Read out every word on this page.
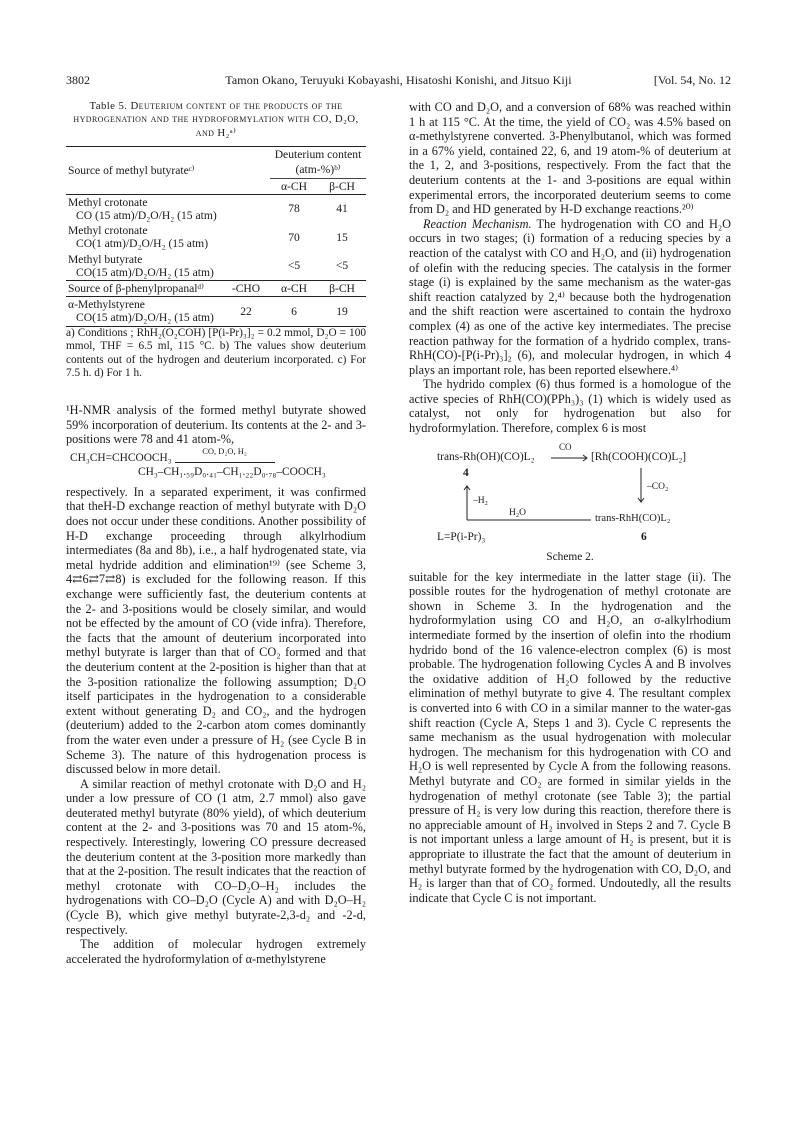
3802	Tamon Okano, Teruyuki Kobayashi, Hisatoshi Konishi, and Jitsuo Kiji	[Vol. 54, No. 12
Table 5. Deuterium content of the products of the hydrogenation and the hydroformylation with CO, D₂O, and H₂ᵃ⁾
Source of methyl butyrateᶜ⁾	Deuterium content	
	(atm-%)ᵇ⁾	
	α-CH	β-CH

Methyl crotonate
CO (15 atm)/D₂O/H₂ (15 atm)	78	41

Methyl crotonate
CO(1 atm)/D₂O/H₂ (15 atm)	70	15

Methyl butyrate
CO(15 atm)/D₂O/H₂ (15 atm)	<5	<5
Source of β-phenylpropanalᵈ⁾	-CHO	α-CH	β-CH

α-Methylstyrene
CO(15 atm)/D₂O/H₂ (15 atm)	22	6	19

a) Conditions ; RhH₂(O₂COH) [P(i-Pr)₃]₂ = 0.2 mmol, D₂O = 100 mmol, THF = 6.5 ml, 115 °C. b) The values show deuterium contents out of the hydrogen and deuterium incorporated. c) For 7.5 h. d) For 1 h.

¹H-NMR analysis of the formed methyl butyrate showed 59% incorporation of deuterium. Its contents at the 2- and 3-positions were 78 and 41 atom-%,

CH₃CH=CHCOOCH₃
CO, D₂O, H₂
CH₃–CH₁.₅₉D₀.₄₁–CH₁.₂₂D₀.₇₈–COOCH₃

respectively. In a separated experiment, it was confirmed that theH-D exchange reaction of methyl butyrate with D₂O does not occur under these conditions. Another possibility of H-D exchange proceeding through alkylrhodium intermediates (8a and 8b), i.e., a half hydrogenated state, via metal hydride addition and elimination¹⁹⁾ (see Scheme 3, 4⇄6⇄7⇄8) is excluded for the following reason. If this exchange were sufficiently fast, the deuterium contents at the 2- and 3-positions would be closely similar, and would not be effected by the amount of CO (vide infra). Therefore, the facts that the amount of deuterium incorporated into methyl butyrate is larger than that of CO₂ formed and that the deuterium content at the 2-position is higher than that at the 3-position rationalize the following assumption; D₂O itself participates in the hydrogenation to a considerable extent without generating D₂ and CO₂, and the hydrogen (deuterium) added to the 2-carbon atom comes dominantly from the water even under a pressure of H₂ (see Cycle B in Scheme 3). The nature of this hydrogenation process is discussed below in more detail.

A similar reaction of methyl crotonate with D₂O and H₂ under a low pressure of CO (1 atm, 2.7 mmol) also gave deuterated methyl butyrate (80% yield), of which deuterium content at the 2- and 3-positions was 70 and 15 atom-%, respectively. Interestingly, lowering CO pressure decreased the deuterium content at the 3-position more markedly than that at the 2-position. The result indicates that the reaction of methyl crotonate with CO–D₂O–H₂ includes the hydrogenations with CO–D₂O (Cycle A) and with D₂O–H₂ (Cycle B), which give methyl butyrate-2,3-d₂ and -2-d, respectively.

The addition of molecular hydrogen extremely accelerated the hydroformylation of α-methylstyrene

with CO and D₂O, and a conversion of 68% was reached within 1 h at 115 °C. At the time, the yield of CO₂ was 4.5% based on α-methylstyrene converted. 3-Phenylbutanol, which was formed in a 67% yield, contained 22, 6, and 19 atom-% of deuterium at the 1, 2, and 3-positions, respectively. From the fact that the deuterium contents at the 1- and 3-positions are equal within experimental errors, the incorporated deuterium seems to come from D₂ and HD generated by H-D exchange reactions.²⁰⁾

Reaction Mechanism. The hydrogenation with CO and H₂O occurs in two stages; (i) formation of a reducing species by a reaction of the catalyst with CO and H₂O, and (ii) hydrogenation of olefin with the reducing species. The catalysis in the former stage (i) is explained by the same mechanism as the water-gas shift reaction catalyzed by 2,⁴⁾ because both the hydrogenation and the shift reaction were ascertained to contain the hydroxo complex (4) as one of the active key intermediates. The precise reaction pathway for the formation of a hydrido complex, trans-RhH(CO)-[P(i-Pr)₃]₂ (6), and molecular hydrogen, in which 4 plays an important role, has been reported elsewhere.⁴⁾

The hydrido complex (6) thus formed is a homologue of the active species of RhH(CO)(PPh₃)₃ (1) which is widely used as catalyst, not only for hydrogenation but also for hydroformylation. Therefore, complex 6 is most

trans-Rh(OH)(CO)L₂
CO
[Rh(COOH)(CO)L₂]
4
–H₂
H₂O
–CO₂
trans-RhH(CO)L₂
6
L=P(i-Pr)₃
Scheme 2.

suitable for the key intermediate in the latter stage (ii). The possible routes for the hydrogenation of methyl crotonate are shown in Scheme 3. In the hydrogenation and the hydroformylation using CO and H₂O, an σ-alkylrhodium intermediate formed by the insertion of olefin into the rhodium hydrido bond of the 16 valence-electron complex (6) is most probable. The hydrogenation following Cycles A and B involves the oxidative addition of H₂O followed by the reductive elimination of methyl butyrate to give 4. The resultant complex is converted into 6 with CO in a similar manner to the water-gas shift reaction (Cycle A, Steps 1 and 3). Cycle C represents the same mechanism as the usual hydrogenation with molecular hydrogen. The mechanism for this hydrogenation with CO and H₂O is well represented by Cycle A from the following reasons. Methyl butyrate and CO₂ are formed in similar yields in the hydrogenation of methyl crotonate (see Table 3); the partial pressure of H₂ is very low during this reaction, therefore there is no appreciable amount of H₂ involved in Steps 2 and 7. Cycle B is not important unless a large amount of H₂ is present, but it is appropriate to illustrate the fact that the amount of deuterium in methyl butyrate formed by the hydrogenation with CO, D₂O, and H₂ is larger than that of CO₂ formed. Undoutedly, all the results indicate that Cycle C is not important.
